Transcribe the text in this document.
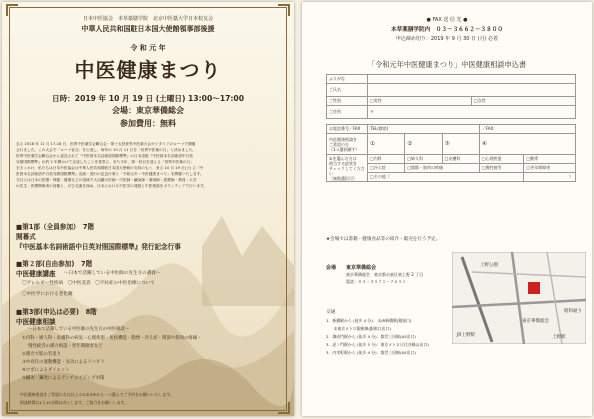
日本中医協会　本草薬膳学院　北京中医薬大学日本校友会
中華人民共和国駐日本国大使館領事部後援
令 和 元 年
中医健康まつり
日時：2019 年 10 月 19 日 (土曜日) 13:00～17:00
会場：東京華僑総会
参加費用：無料
去る 2018 年 11 月 17-18 日、世界中医薬学会聯合会・第十五回世界中医薬大会がイタリアのローマで開催
されました。この大会で「ローマ宣言」を公表し、毎年の 10 月 11 日を「世界中医薬の日」と決めました。
世界中医薬学会聯合会から委託されて『中医基本名詞術語国際標準』の日本語版『中医基本名詞術語中日英
対照国際標準』が約 2 年間かけて完成したことを背景に、また今年、第一回目を迎える「世界中医薬の日」
をきっかけ、私たちは日本中医協会は中華人民共和国駐日本国大使館の支持のもと、来る 10 月 19 日(土) に『中
医基本名詞術語中日英対照国際標準』出版・発行の記念行事と「令和元年・中医健康まつり」を開催いたします。
当日には日本の医療・保健・健康などの領域で大活躍の医師・中医師・鍼灸師・薬剤師・看護師・教員・大学
の先生・医療関係者の皆様と、ぜひ交流を深め、日本における中医学の発展と中医相談をボランティアで行います。
■第1部（全員参加）　7階
開幕式
『中医基本名詞術語中日英対照国際標準』発行記念行事
■第２部(自由参加)　7階
中医健康講座 ～日本で活躍している中医師の先生方の講義～
〇アレルギー性疾病　〇中医美容　〇不妊症の中医治療について
〇中医学における老化観
■第3部(申込は必要)　8階
中医健康相談
～日本で活躍している中医師の先生方の中医相談～
①内科・婦人科・皮膚科の病気・心理疾患・免疫機能・動悸・冷え症・関節や筋肉の疼痛・
慢性疲労の漢方相談・更年期障害など
②漢方で肌の若返り
③中高年の運動機能・気功によるリハビリ
④ツボによるダイエット
⑤鍼灸・鍼灸によるアンチエイジング対策
中医健康相談をご希望の方は以上の①②③④から一つ選んでご予約をお願いいたします。
相談時間は1人15分間以内とします、ご協力をお願いします。
● FAX 送 信 先 ●
本草薬膳学院内　０３－３６６２－３８００
申込締め切り：2019 年 9 月 30 日 (月) 必着
「令和元年中医健康まつり」中医健康相談申込書
ふりがな		
ご氏名		
ご性別	□男性	□女性
ご住所	〒	
お電話番号／FAX	TEL(携帯)			／FAX:	
中医健康相談を
ご希望の方
（1つ選択願す）	①	②	③	④	
①を選んだ方は
相当する症状を
チェックしてください
（複数選択可）	□内科	□婦人科	□皮膚科	□心理疾患	□動悸
	□冷え症	□関節・筋肉の疼痛		□慢性疲労	□更年期障害
	□その他（				）
★会場では書籍・健康食品等の紹介・販売を行う予定。
会場 東京華僑総会
東京華僑総会　東京都台東区東上野 2 丁目
電話：０３－３５７１－７６５１
東京華僑総会
JR上野駅	上野駅
上野公園
昭和通り
交通
1．新橋駅から (徒歩 4 分)： ①JR新橋駅(銀座口)
　　②東京メトロ銀座線(銀座口出口)
2．御成門駅から (徒歩 4 分)：都営三田線(A5出口)
3．虎ノ門駅から (徒歩 5 分)：東京メトロ日比谷線(2出口)
3．内幸町駅から (徒歩 4 分)：都営三田線(A5出口)
